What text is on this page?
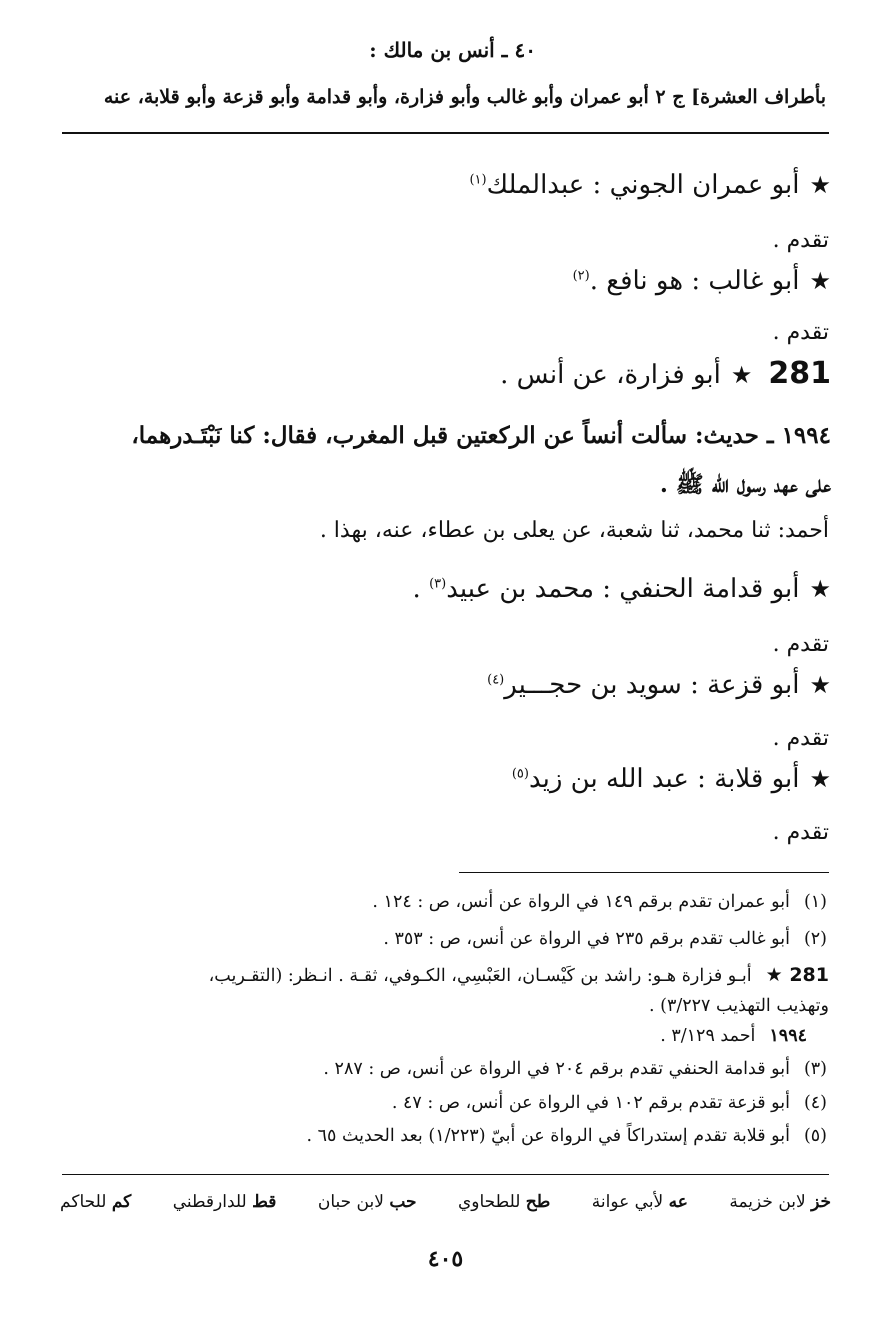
٤٠ ـ أنس بن مالك :
بأطراف العشرة] ج ٢ أبو عمران وأبو غالب وأبو فزارة، وأبو قدامة وأبو قزعة وأبو قلابة، عنه
★أبو عمران الجوني : عبدالملك$^{(١)}$
تقدم .
★أبو غالب : هو نافع .$^{(٢)}$
تقدم .
281★أبو فزارة، عن أنس .
١٩٩٤ ـ حديث: سألت أنساً عن الركعتين قبل المغرب، فقال: كنا نَبْتَـدرهما،
على عهد رسول الله ﷺ .
أحمد: ثنا محمد، ثنا شعبة، عن يعلى بن عطاء، عنه، بهذا .
★أبو قدامة الحنفي : محمد بن عبيد$^{(٣)}$ .
تقدم .
★أبو قزعة : سويد بن حجـــير$^{(٤)}$
تقدم .
★أبو قلابة : عبد الله بن زيد$^{(٥)}$
تقدم .
(١)أبو عمران تقدم برقم ١٤٩ في الرواة عن أنس، ص : ١٢٤ .
(٢)أبو غالب تقدم برقم ٢٣٥ في الرواة عن أنس، ص : ٣٥٣ .
281 ★أبـو فزارة هـو: راشد بن كَيْسـان، العَبْسِي، الكـوفي، ثقـة . انـظر: (التقـريب،
وتهذيب التهذيب ٣/٢٢٧) .
١٩٩٤أحمد ٣/١٢٩ .
(٣)أبو قدامة الحنفي تقدم برقم ٢٠٤ في الرواة عن أنس، ص : ٢٨٧ .
(٤)أبو قزعة تقدم برقم ١٠٢ في الرواة عن أنس، ص : ٤٧ .
(٥)أبو قلابة تقدم إستدراكاً في الرواة عن أبيّ (١/٢٢٣) بعد الحديث ٦٥ .
خز لابن خزيمة
عه لأبي عوانة
طح للطحاوي
حب لابن حبان
قط للدارقطني
كم للحاكم
٤٠٥
